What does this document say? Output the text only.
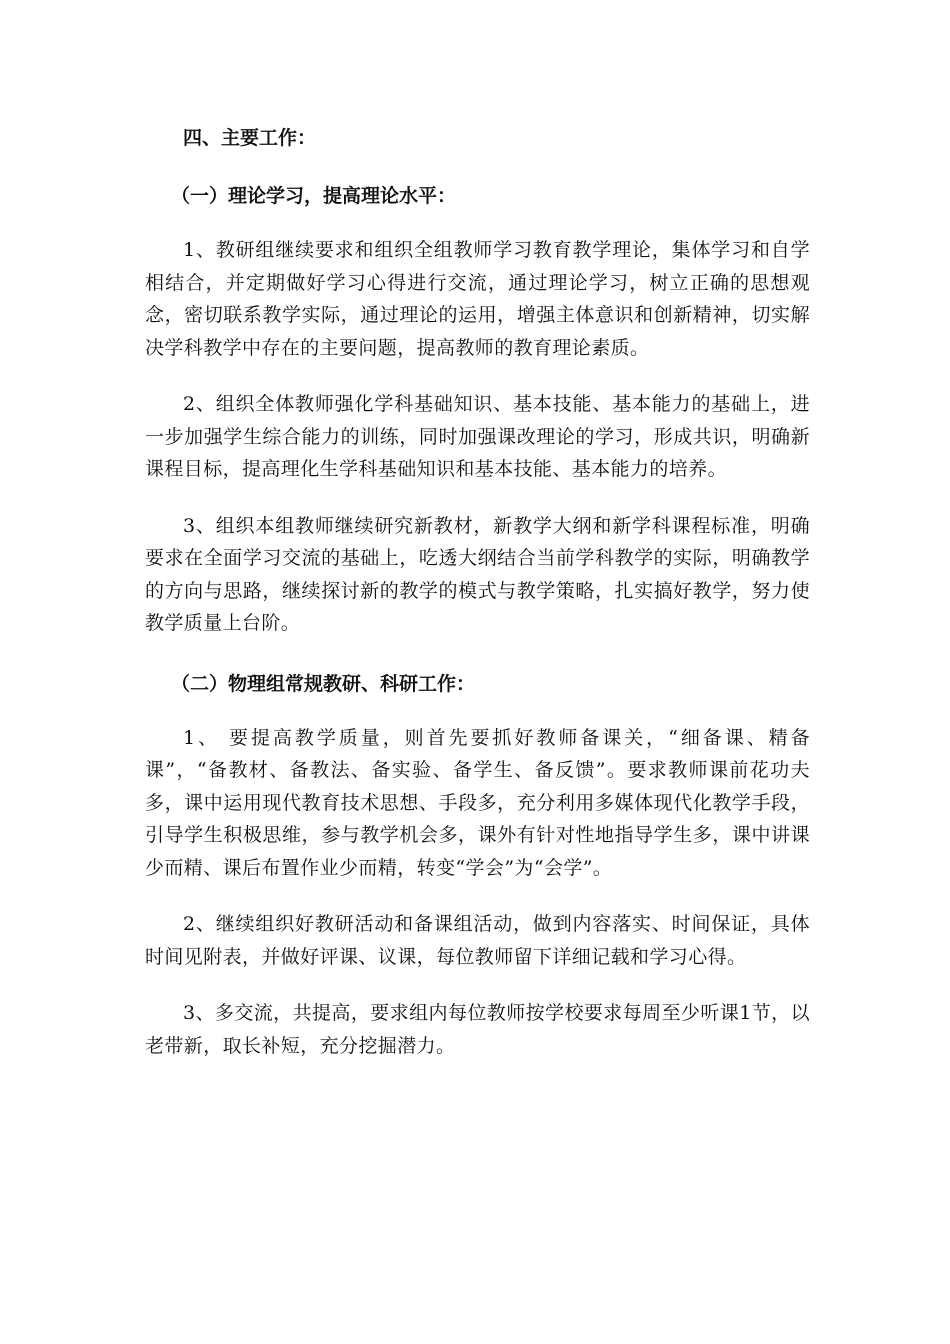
四、主要工作：
（一）理论学习，提高理论水平：

1、教研组继续要求和组织全组教师学习教育教学理论，集体学习和自学相结合，并定期做好学习心得进行交流，通过理论学习，树立正确的思想观念，密切联系教学实际，通过理论的运用，增强主体意识和创新精神，切实解决学科教学中存在的主要问题，提高教师的教育理论素质。

2、组织全体教师强化学科基础知识、基本技能、基本能力的基础上，进一步加强学生综合能力的训练，同时加强课改理论的学习，形成共识，明确新课程目标，提高理化生学科基础知识和基本技能、基本能力的培养。

3、组织本组教师继续研究新教材，新教学大纲和新学科课程标准，明确要求在全面学习交流的基础上，吃透大纲结合当前学科教学的实际，明确教学的方向与思路，继续探讨新的教学的模式与教学策略，扎实搞好教学，努力使教学质量上台阶。

（二）物理组常规教研、科研工作：

1、 要提高教学质量，则首先要抓好教师备课关，“细备课、精备课”，“备教材、备教法、备实验、备学生、备反馈”。要求教师课前花功夫多，课中运用现代教育技术思想、手段多，充分利用多媒体现代化教学手段，引导学生积极思维，参与教学机会多，课外有针对性地指导学生多，课中讲课少而精、课后布置作业少而精，转变“学会”为“会学”。

2、继续组织好教研活动和备课组活动，做到内容落实、时间保证，具体时间见附表，并做好评课、议课，每位教师留下详细记载和学习心得。

3、多交流，共提高，要求组内每位教师按学校要求每周至少听课1节，以老带新，取长补短，充分挖掘潜力。
